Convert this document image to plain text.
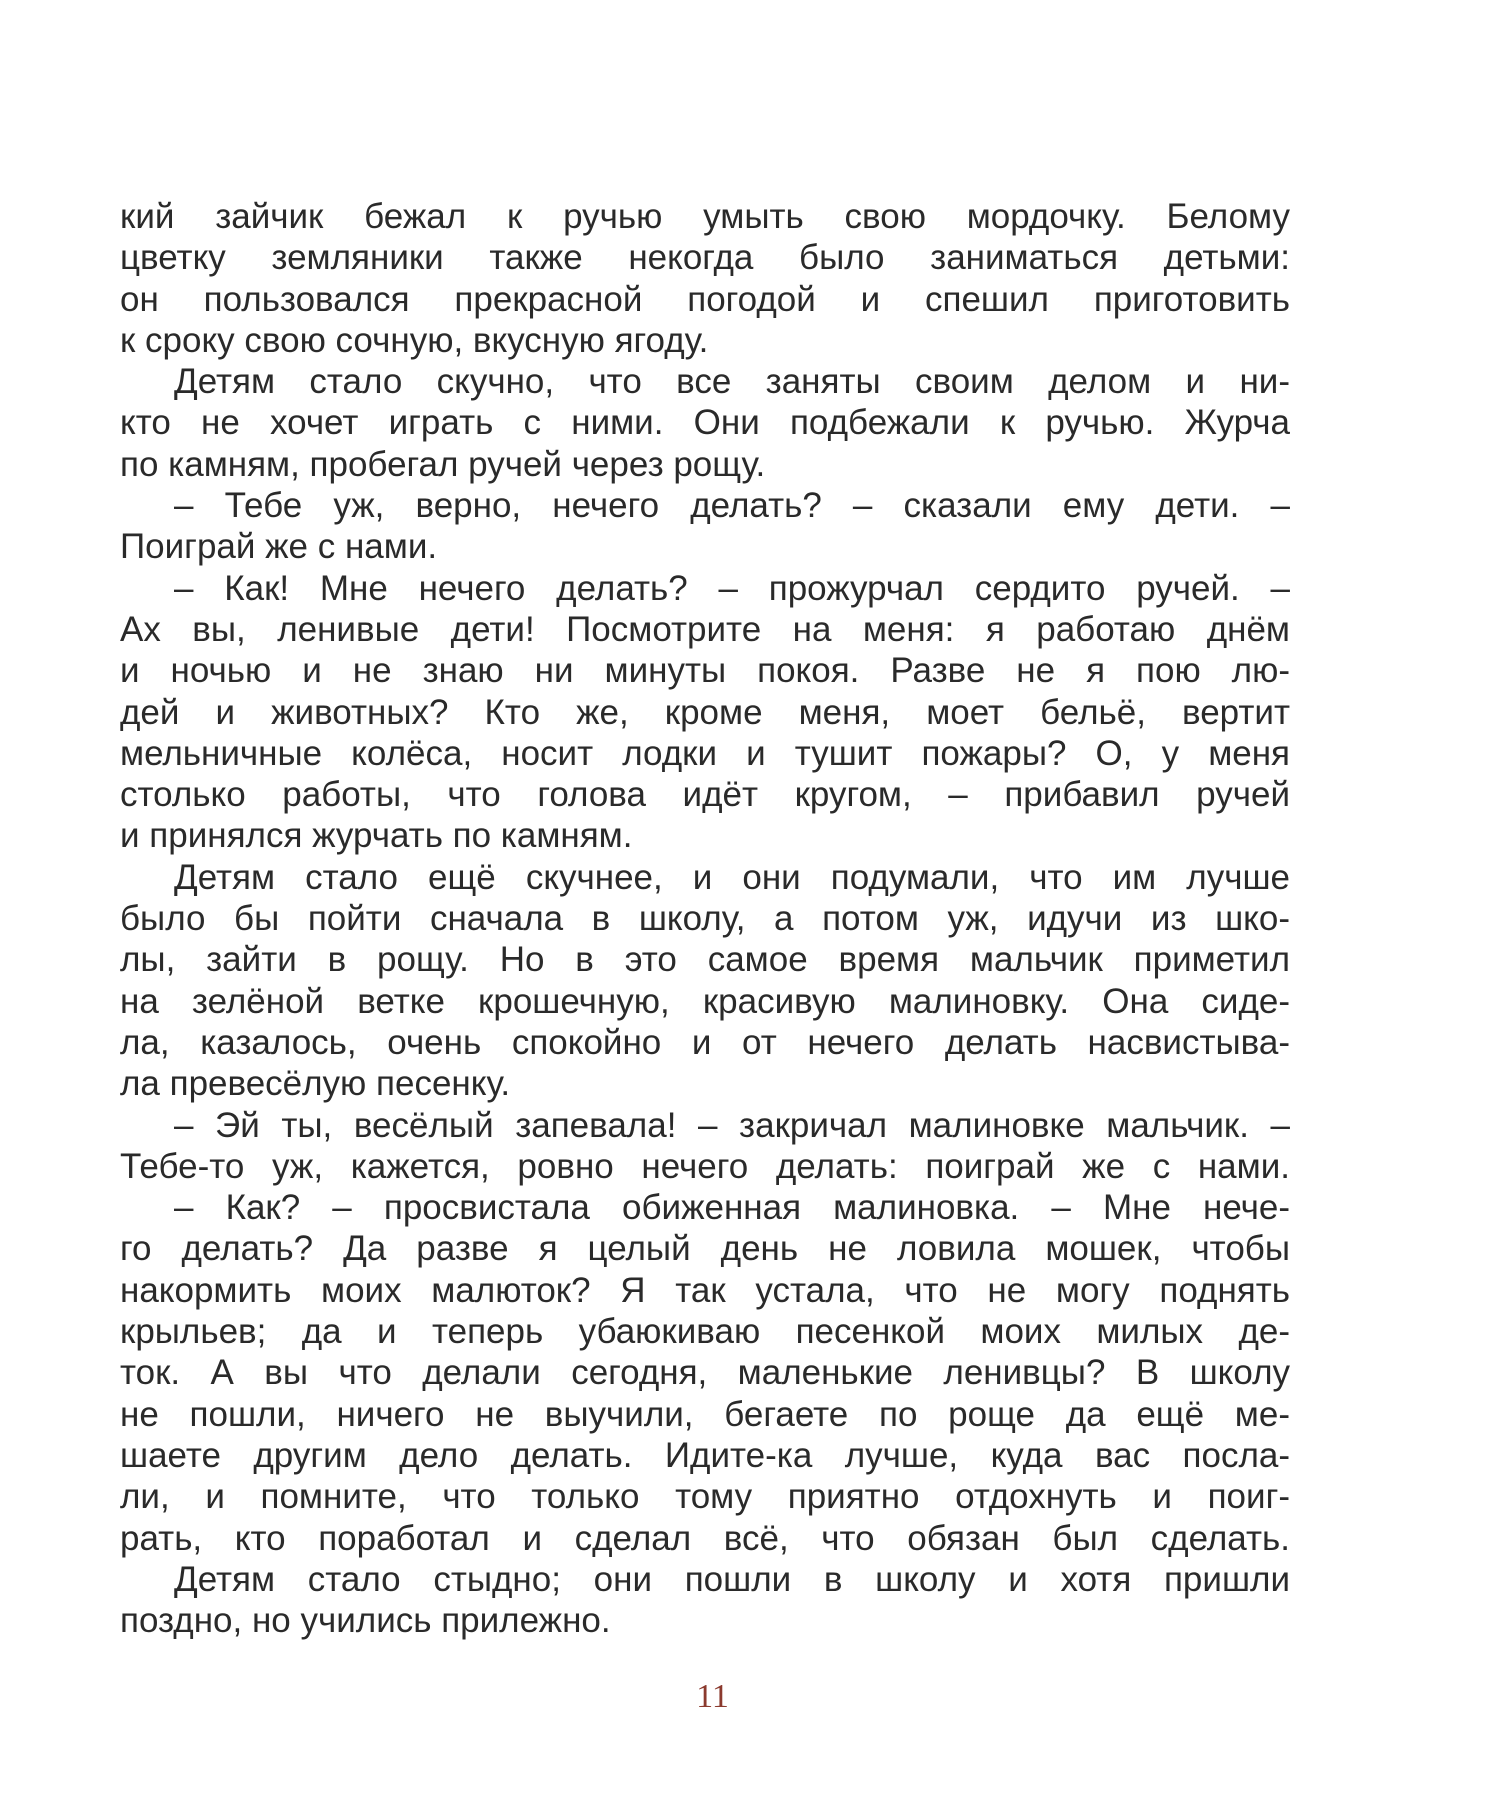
кий зайчик бежал к ручью умыть свою мордочку. Белому
цветку земляники также некогда было заниматься детьми:
он пользовался прекрасной погодой и спешил приготовить
к сроку свою сочную, вкусную ягоду.
Детям стало скучно, что все заняты своим делом и ни-
кто не хочет играть с ними. Они подбежали к ручью. Журча
по камням, пробегал ручей через рощу.
– Тебе уж, верно, нечего делать? – сказали ему дети. –
Поиграй же с нами.
– Как! Мне нечего делать? – прожурчал сердито ручей. –
Ах вы, ленивые дети! Посмотрите на меня: я работаю днём
и ночью и не знаю ни минуты покоя. Разве не я пою лю-
дей и животных? Кто же, кроме меня, моет бельё, вертит
мельничные колёса, носит лодки и тушит пожары? О, у меня
столько работы, что голова идёт кругом, – прибавил ручей
и принялся журчать по камням.
Детям стало ещё скучнее, и они подумали, что им лучше
было бы пойти сначала в школу, а потом уж, идучи из шко-
лы, зайти в рощу. Но в это самое время мальчик приметил
на зелёной ветке крошечную, красивую малиновку. Она сиде-
ла, казалось, очень спокойно и от нечего делать насвистыва-
ла превесёлую песенку.
– Эй ты, весёлый запевала! – закричал малиновке мальчик. –
Тебе-то уж, кажется, ровно нечего делать: поиграй же с нами.
– Как? – просвистала обиженная малиновка. – Мне нече-
го делать? Да разве я целый день не ловила мошек, чтобы
накормить моих малюток? Я так устала, что не могу поднять
крыльев; да и теперь убаюкиваю песенкой моих милых де-
ток. А вы что делали сегодня, маленькие ленивцы? В школу
не пошли, ничего не выучили, бегаете по роще да ещё ме-
шаете другим дело делать. Идите-ка лучше, куда вас посла-
ли, и помните, что только тому приятно отдохнуть и поиг-
рать, кто поработал и сделал всё, что обязан был сделать.
Детям стало стыдно; они пошли в школу и хотя пришли
поздно, но учились прилежно.
11
